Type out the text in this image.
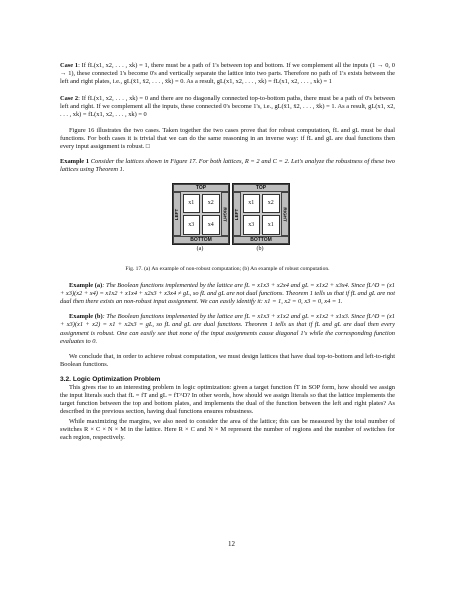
Case 1: If fL(x1, x2, . . . , xk) = 1, there must be a path of 1's between top and bottom. If we complement all the inputs (1 → 0, 0 → 1), these connected 1's become 0's and vertically separate the lattice into two parts. Therefore no path of 1's exists between the left and right plates, i.e., gL(x̄1, x̄2, . . . , x̄k) = 0. As a result, gL(x1, x2, . . . , xk) = fL(x1, x2, . . . , xk) = 1

Case 2: If fL(x1, x2, . . . , xk) = 0 and there are no diagonally connected top-to-bottom paths, there must be a path of 0's between left and right. If we complement all the inputs, these connected 0's become 1's, i.e., gL(x̄1, x̄2, . . . , x̄k) = 1. As a result, gL(x1, x2, . . . , xk) = fL(x1, x2, . . . , xk) = 0

Figure 16 illustrates the two cases. Taken together the two cases prove that for robust computation, fL and gL must be dual functions. For both cases it is trivial that we can do the same reasoning in an inverse way: if fL and gL are dual functions then every input assignment is robust. □

Example 1 Consider the lattices shown in Figure 17. For both lattices, R = 2 and C = 2. Let's analyze the robustness of these two lattices using Theorem 1.

TOP
LEFT	RIGHT
x1	x2
x3	x4
BOTTOM
(a)
TOP
LEFT	RIGHT
x1	x2
x3	x1
BOTTOM
(b)

Fig. 17. (a) An example of non-robust computation; (b) An example of robust computation.

Example (a): The Boolean functions implemented by the lattice are fL = x1x3 + x2x4 and gL = x1x2 + x3x4. Since fL^D = (x1 + x3)(x2 + x4) = x1x2 + x1x4 + x2x3 + x3x4 ≠ gL, so fL and gL are not dual functions. Theorem 1 tells us that if fL and gL are not dual then there exists an non-robust input assignment. We can easily identify it: x1 = 1, x2 = 0, x3 = 0, x4 = 1.

Example (b): The Boolean functions implemented by the lattice are fL = x1x3 + x1x2 and gL = x1x2 + x1x3. Since fL^D = (x1 + x3)(x1 + x2) = x1 + x2x3 = gL, so fL and gL are dual functions. Theorem 1 tells us that if fL and gL are dual then every assignment is robust. One can easily see that none of the input assignments cause diagonal 1's while the corresponding function evaluates to 0.

We conclude that, in order to achieve robust computation, we must design lattices that have dual top-to-bottom and left-to-right Boolean functions.

3.2. Logic Optimization Problem

This gives rise to an interesting problem in logic optimization: given a target function fT in SOP form, how should we assign the input literals such that fL = fT and gL = fT^D? In other words, how should we assign literals so that the lattice implements the target function between the top and bottom plates, and implements the dual of the function between the left and right plates? As described in the previous section, having dual functions ensures robustness.

While maximizing the margins, we also need to consider the area of the lattice; this can be measured by the total number of switches R × C × N × M in the lattice. Here R × C and N × M represent the number of regions and the number of switches for each region, respectively.

12
